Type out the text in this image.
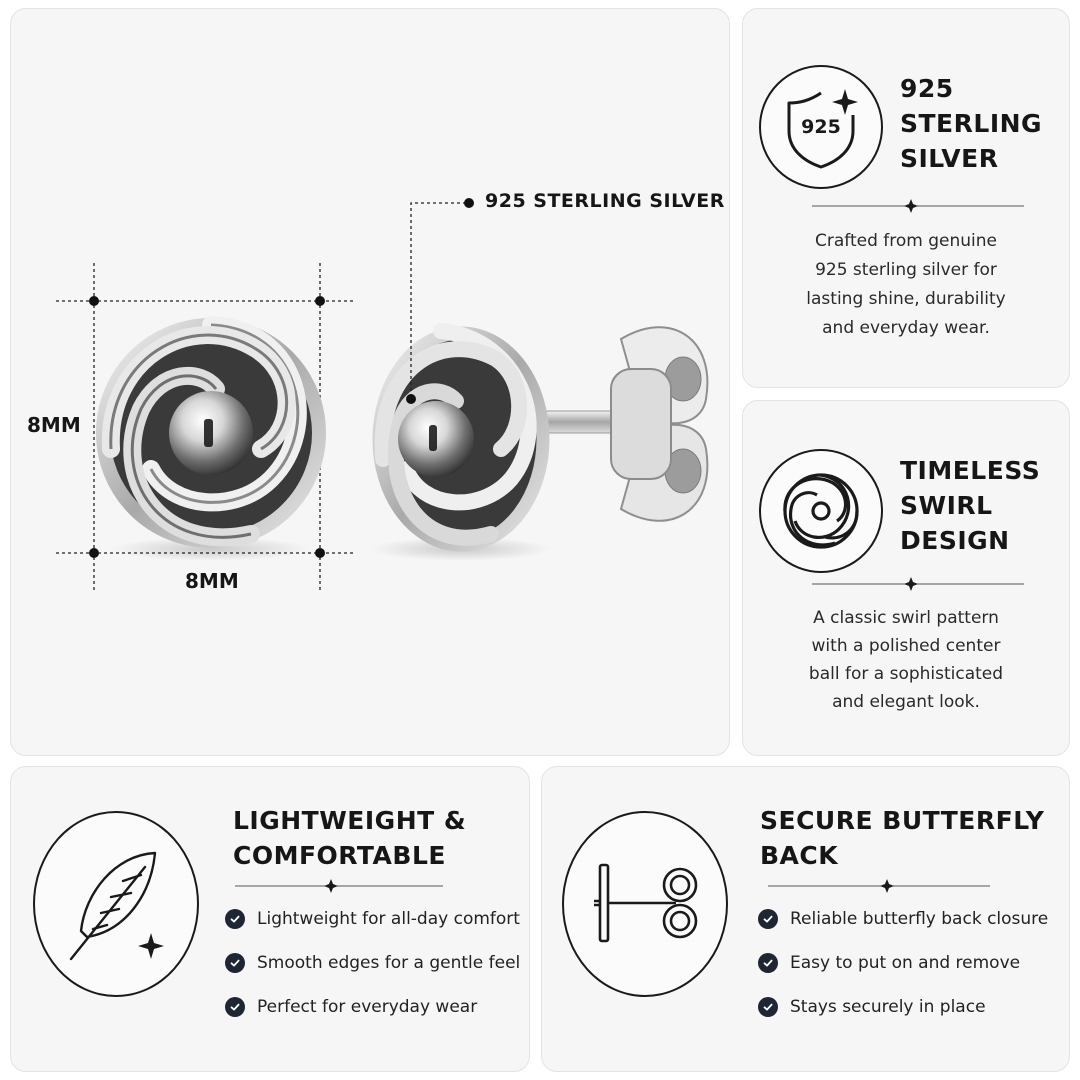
925 STERLING SILVER
8MM
8MM
925
925
STERLING
SILVER
Crafted from genuine
925 sterling silver for
lasting shine, durability
and everyday wear.
TIMELESS
SWIRL
DESIGN
A classic swirl pattern
with a polished center
ball for a sophisticated
and elegant look.
LIGHTWEIGHT &
COMFORTABLE
Lightweight for all-day comfort
Smooth edges for a gentle feel
Perfect for everyday wear
SECURE BUTTERFLY
BACK
Reliable butterfly back closure
Easy to put on and remove
Stays securely in place
